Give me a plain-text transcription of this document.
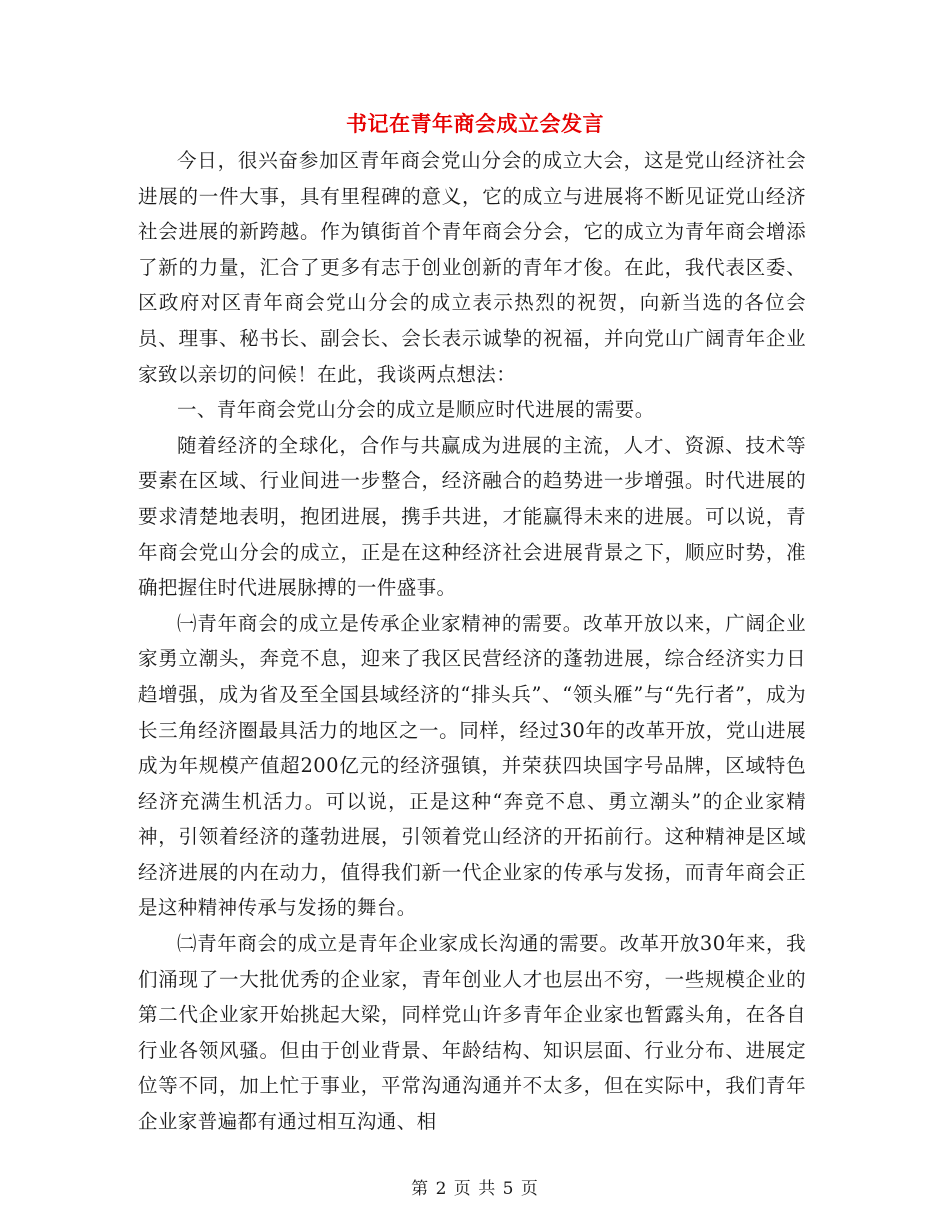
书记在青年商会成立会发言

今日，很兴奋参加区青年商会党山分会的成立大会，这是党山经济社会进展的一件大事，具有里程碑的意义，它的成立与进展将不断见证党山经济社会进展的新跨越。作为镇街首个青年商会分会，它的成立为青年商会增添了新的力量，汇合了更多有志于创业创新的青年才俊。在此，我代表区委、区政府对区青年商会党山分会的成立表示热烈的祝贺，向新当选的各位会员、理事、秘书长、副会长、会长表示诚挚的祝福，并向党山广阔青年企业家致以亲切的问候！在此，我谈两点想法：

一、青年商会党山分会的成立是顺应时代进展的需要。

随着经济的全球化，合作与共赢成为进展的主流，人才、资源、技术等要素在区域、行业间进一步整合，经济融合的趋势进一步增强。时代进展的要求清楚地表明，抱团进展，携手共进，才能赢得未来的进展。可以说，青年商会党山分会的成立，正是在这种经济社会进展背景之下，顺应时势，准确把握住时代进展脉搏的一件盛事。

㈠青年商会的成立是传承企业家精神的需要。改革开放以来，广阔企业家勇立潮头，奔竞不息，迎来了我区民营经济的蓬勃进展，综合经济实力日趋增强，成为省及至全国县域经济的“排头兵”、“领头雁”与“先行者”，成为长三角经济圈最具活力的地区之一。同样，经过30年的改革开放，党山进展成为年规模产值超200亿元的经济强镇，并荣获四块国字号品牌，区域特色经济充满生机活力。可以说，正是这种“奔竞不息、勇立潮头”的企业家精神，引领着经济的蓬勃进展，引领着党山经济的开拓前行。这种精神是区域经济进展的内在动力，值得我们新一代企业家的传承与发扬，而青年商会正是这种精神传承与发扬的舞台。

㈡青年商会的成立是青年企业家成长沟通的需要。改革开放30年来，我们涌现了一大批优秀的企业家，青年创业人才也层出不穷，一些规模企业的第二代企业家开始挑起大梁，同样党山许多青年企业家也暂露头角，在各自行业各领风骚。但由于创业背景、年龄结构、知识层面、行业分布、进展定位等不同，加上忙于事业，平常沟通沟通并不太多，但在实际中，我们青年企业家普遍都有通过相互沟通、相

第 2 页 共 5 页
